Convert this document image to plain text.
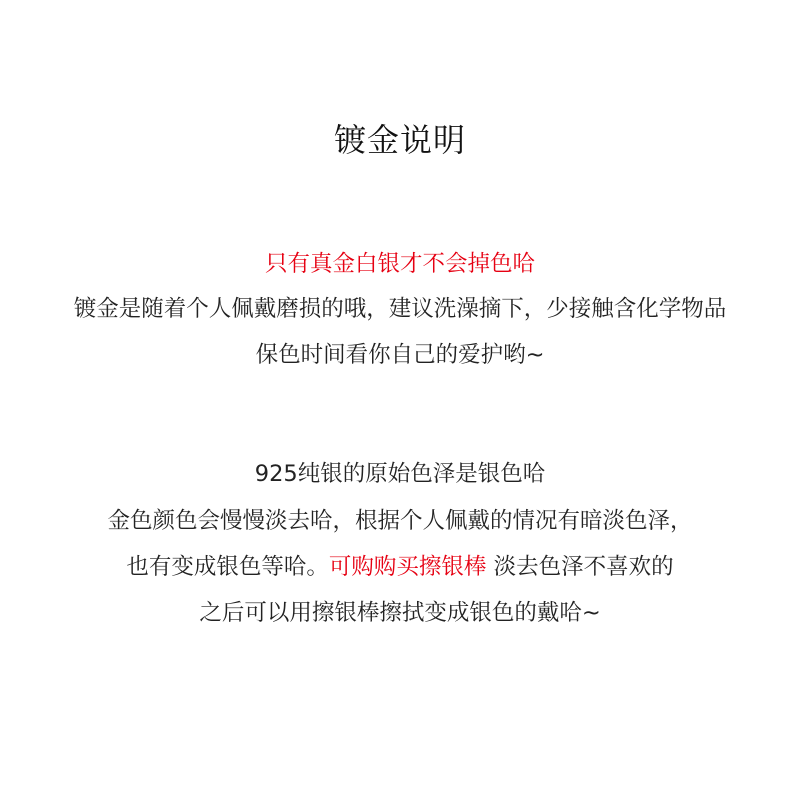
镀金说明
只有真金白银才不会掉色哈
镀金是随着个人佩戴磨损的哦，建议洗澡摘下，少接触含化学物品
保色时间看你自己的爱护哟~
925纯银的原始色泽是银色哈
金色颜色会慢慢淡去哈，根据个人佩戴的情况有暗淡色泽，
也有变成银色等哈。可购购买擦银棒 淡去色泽不喜欢的
之后可以用擦银棒擦拭变成银色的戴哈~
